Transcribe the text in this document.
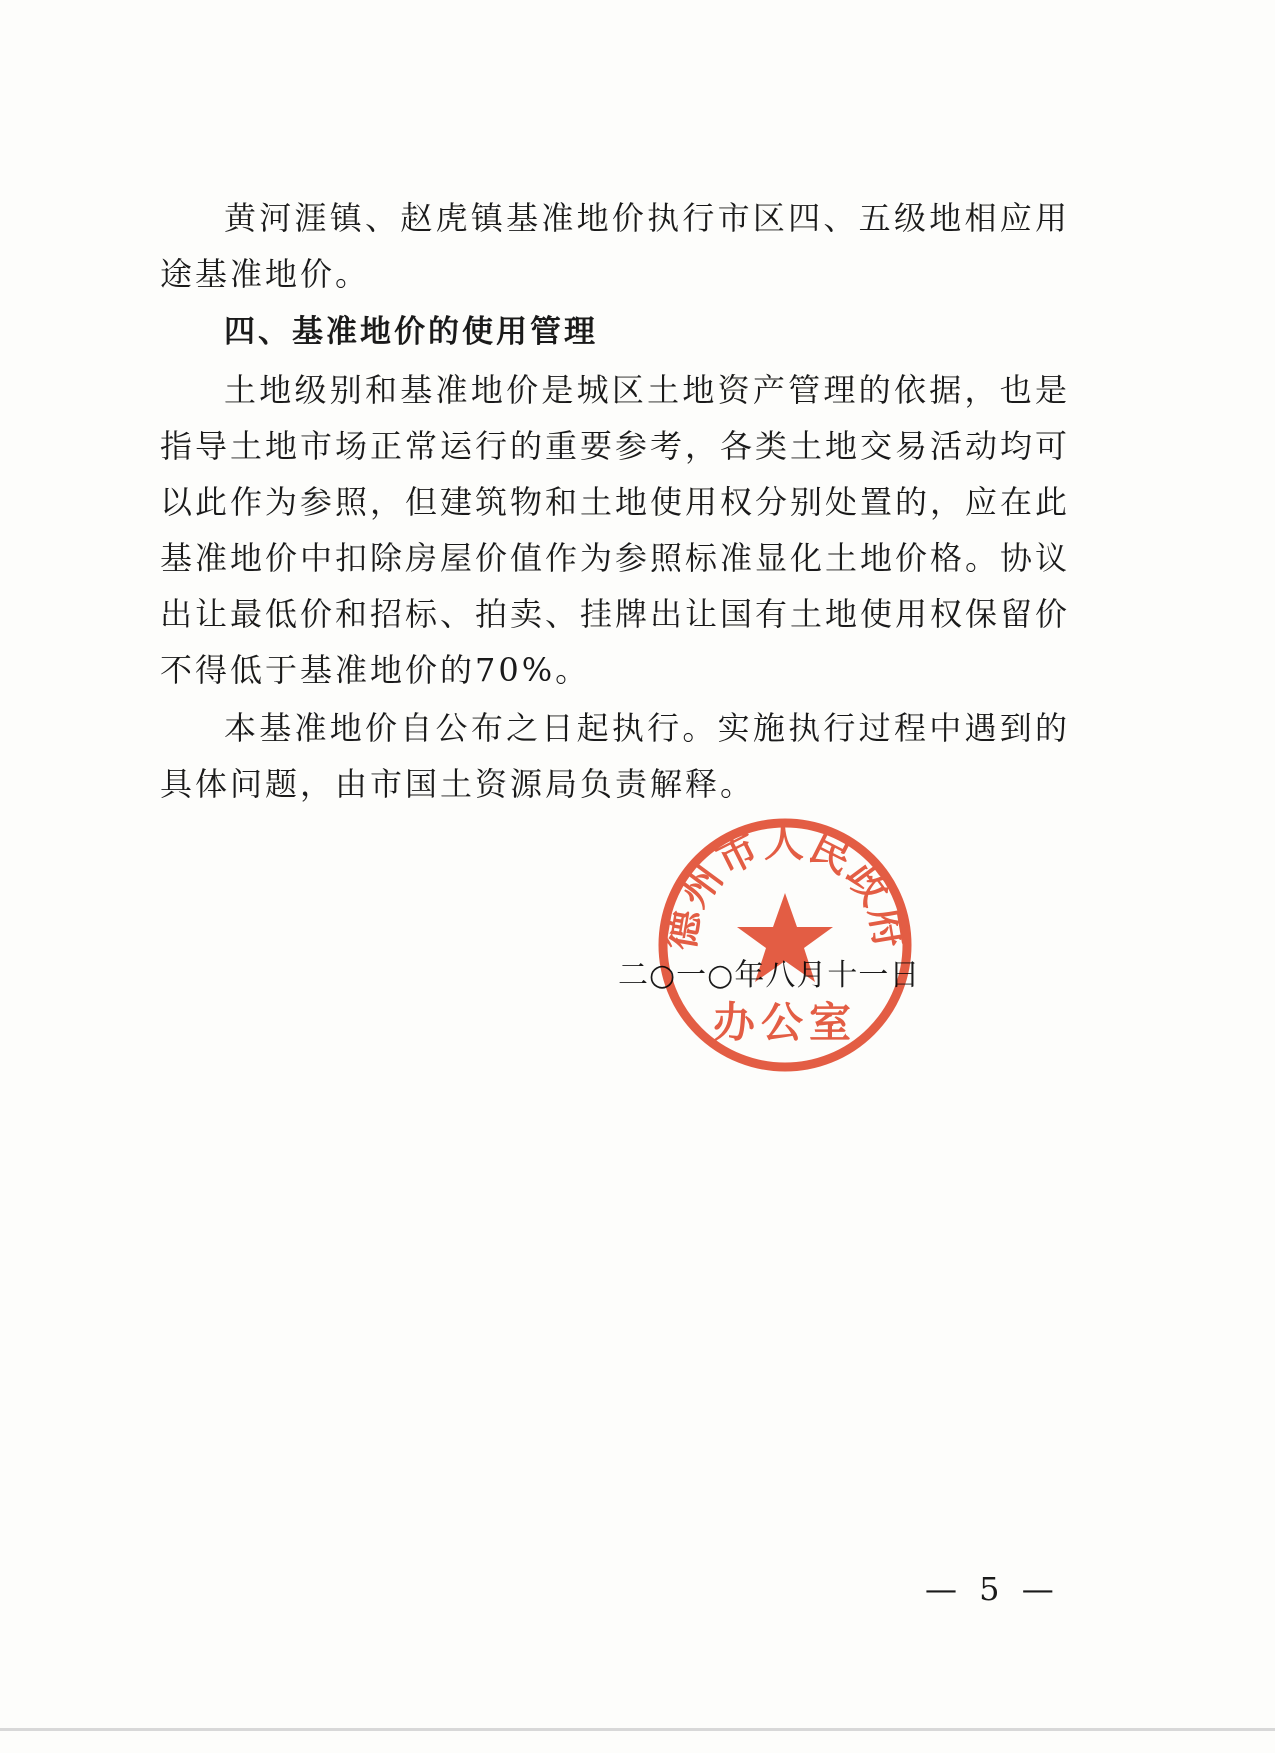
黄河涯镇、赵虎镇基准地价执行市区四、五级地相应用途基准地价。

四、基准地价的使用管理

土地级别和基准地价是城区土地资产管理的依据，也是指导土地市场正常运行的重要参考，各类土地交易活动均可以此作为参照，但建筑物和土地使用权分别处置的，应在此基准地价中扣除房屋价值作为参照标准显化土地价格。协议出让最低价和招标、拍卖、挂牌出让国有土地使用权保留价不得低于基准地价的70%。

本基准地价自公布之日起执行。实施执行过程中遇到的具体问题，由市国土资源局负责解释。

二○一○年八月十一日
德州市人民政府
办公室
— 5 —
